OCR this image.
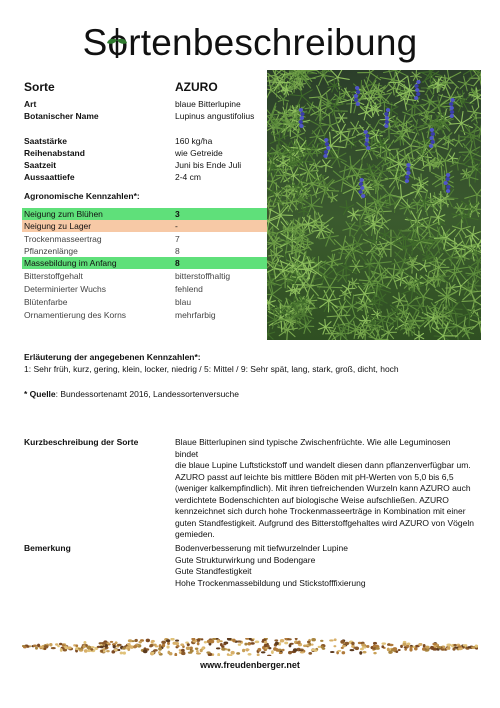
S rtenbeschreibung
Sorte	AZURO
Art	blaue Bitterlupine
Botanischer Name	Lupinus angustifolius
Saatstärke	160 kg/ha
Reihenabstand	wie Getreide
Saatzeit	Juni bis Ende Juli
Aussaattiefe	2-4 cm
Agronomische Kennzahlen*:
Neigung zum Blühen	3
Neigung zu Lager	-
Trockenmasseertrag	7
Pflanzenlänge	8
Massebildung im Anfang	8
Bitterstoffgehalt	bitterstoffhaltig
Determinierter Wuchs	fehlend
Blütenfarbe	blau
Ornamentierung des Korns	mehrfarbig
Erläuterung der angegebenen Kennzahlen*:
1: Sehr früh, kurz, gering, klein, locker, niedrig / 5: Mittel / 9: Sehr spät, lang, stark, groß, dicht, hoch
* Quelle: Bundessortenamt 2016, Landessortenversuche
Kurzbeschreibung der Sorte	Blaue Bitterlupinen sind typische Zwischenfrüchte. Wie alle Leguminosen bindet
die blaue Lupine Luftstickstoff und wandelt diesen dann pflanzenverfügbar um.
AZURO passt auf leichte bis mittlere Böden mit pH-Werten von 5,0 bis 6,5
(weniger kalkempfindlich). Mit ihren tiefreichenden Wurzeln kann AZURO auch
verdichtete Bodenschichten auf biologische Weise aufschließen. AZURO
kennzeichnet sich durch hohe Trockenmasseerträge in Kombination mit einer
guten Standfestigkeit. Aufgrund des Bitterstoffgehaltes wird AZURO von Vögeln
gemieden.
Bemerkung	Bodenverbesserung mit tiefwurzelnder Lupine
Gute Strukturwirkung und Bodengare
Gute Standfestigkeit
Hohe Trockenmassebildung und Stickstofffixierung
www.freudenberger.net
